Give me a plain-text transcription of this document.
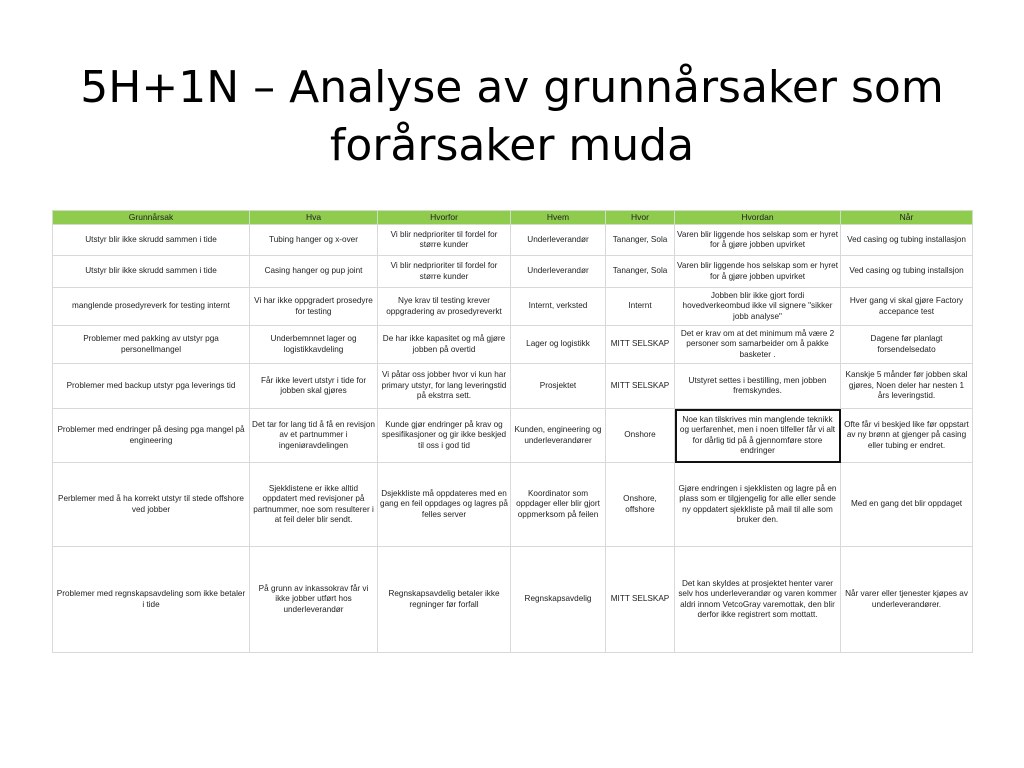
5H+1N – Analyse av grunnårsaker som
forårsaker muda
Grunnårsak	Hva	Hvorfor	Hvem	Hvor	Hvordan	Når
Utstyr blir ikke skrudd sammen i tide	Tubing hanger og x-over	Vi blir nedprioriter til fordel for større kunder	Underleverandør	Tananger, Sola	Varen blir liggende hos selskap som er hyret for å gjøre jobben upvirket	Ved casing og tubing installasjon
Utstyr blir ikke skrudd sammen i tide	Casing hanger og pup joint	Vi blir nedprioriter til fordel for større kunder	Underleverandør	Tananger, Sola	Varen blir liggende hos selskap som er hyret for å gjøre jobben upvirket	Ved casing og tubing installsjon
manglende prosedyreverk for testing internt	Vi har ikke oppgradert prosedyre for testing	Nye krav til testing krever oppgradering av prosedyreverkt	Internt, verksted	Internt	Jobben blir ikke gjort fordi hovedverkeombud ikke vil signere "sikker jobb analyse"	Hver gang vi skal gjøre Factory accepance test
Problemer med pakking av utstyr pga personellmangel	Underbemnnet lager og logistikkavdeling	De har ikke kapasitet og må gjøre jobben på overtid	Lager og logistikk	MITT SELSKAP	Det er krav om at det minimum må være 2 personer som samarbeider om å pakke basketer .	Dagene før planlagt forsendelsedato
Problemer med backup utstyr pga leverings tid	Får ikke levert utstyr i tide for jobben skal gjøres	Vi påtar oss jobber hvor vi kun har primary utstyr, for lang leveringstid på ekstrra sett.	Prosjektet	MITT SELSKAP	Utstyret settes i bestilling, men jobben fremskyndes.	Kanskje 5 månder før jobben skal gjøres, Noen deler har nesten 1 års leveringstid.
Problemer med endringer på desing pga mangel på engineering	Det tar for lang tid å få en revisjon av et partnummer i ingeniøravdelingen	Kunde gjør endringer på krav og spesifikasjoner og gir ikke beskjed til oss i god tid	Kunden, engineering og underleverandører	Onshore	Noe kan tilskrives min manglende teknikk og uerfarenhet, men i noen tilfeller får vi alt for dårlig tid på å gjennomføre store endringer	Ofte får vi beskjed like før oppstart av ny brønn at gjenger på casing eller tubing er endret.
Perblemer med å ha korrekt utstyr til stede offshore ved jobber	Sjekklistene er ikke alltid oppdatert med revisjoner på partnummer, noe som resulterer i at feil deler blir sendt.	Dsjekkliste må oppdateres med en gang en feil oppdages og lagres på felles server	Koordinator som oppdager eller blir gjort oppmerksom på feilen	Onshore, offshore	Gjøre endringen i sjekklisten og lagre på en plass som er tilgjengelig for alle eller sende ny oppdatert sjekkliste på mail til alle som bruker den.	Med en gang det blir oppdaget
Problemer med regnskapsavdeling som ikke betaler i tide	På grunn av inkassokrav får vi ikke jobber utført hos underleverandør	Regnskapsavdelig betaler ikke regninger før forfall	Regnskapsavdelig	MITT SELSKAP	Det kan skyldes at prosjektet henter varer selv hos underleverandør og varen kommer aldri innom VetcoGray varemottak, den blir derfor ikke registrert som mottatt.	Når varer eller tjenester kjøpes av underleverandører.
